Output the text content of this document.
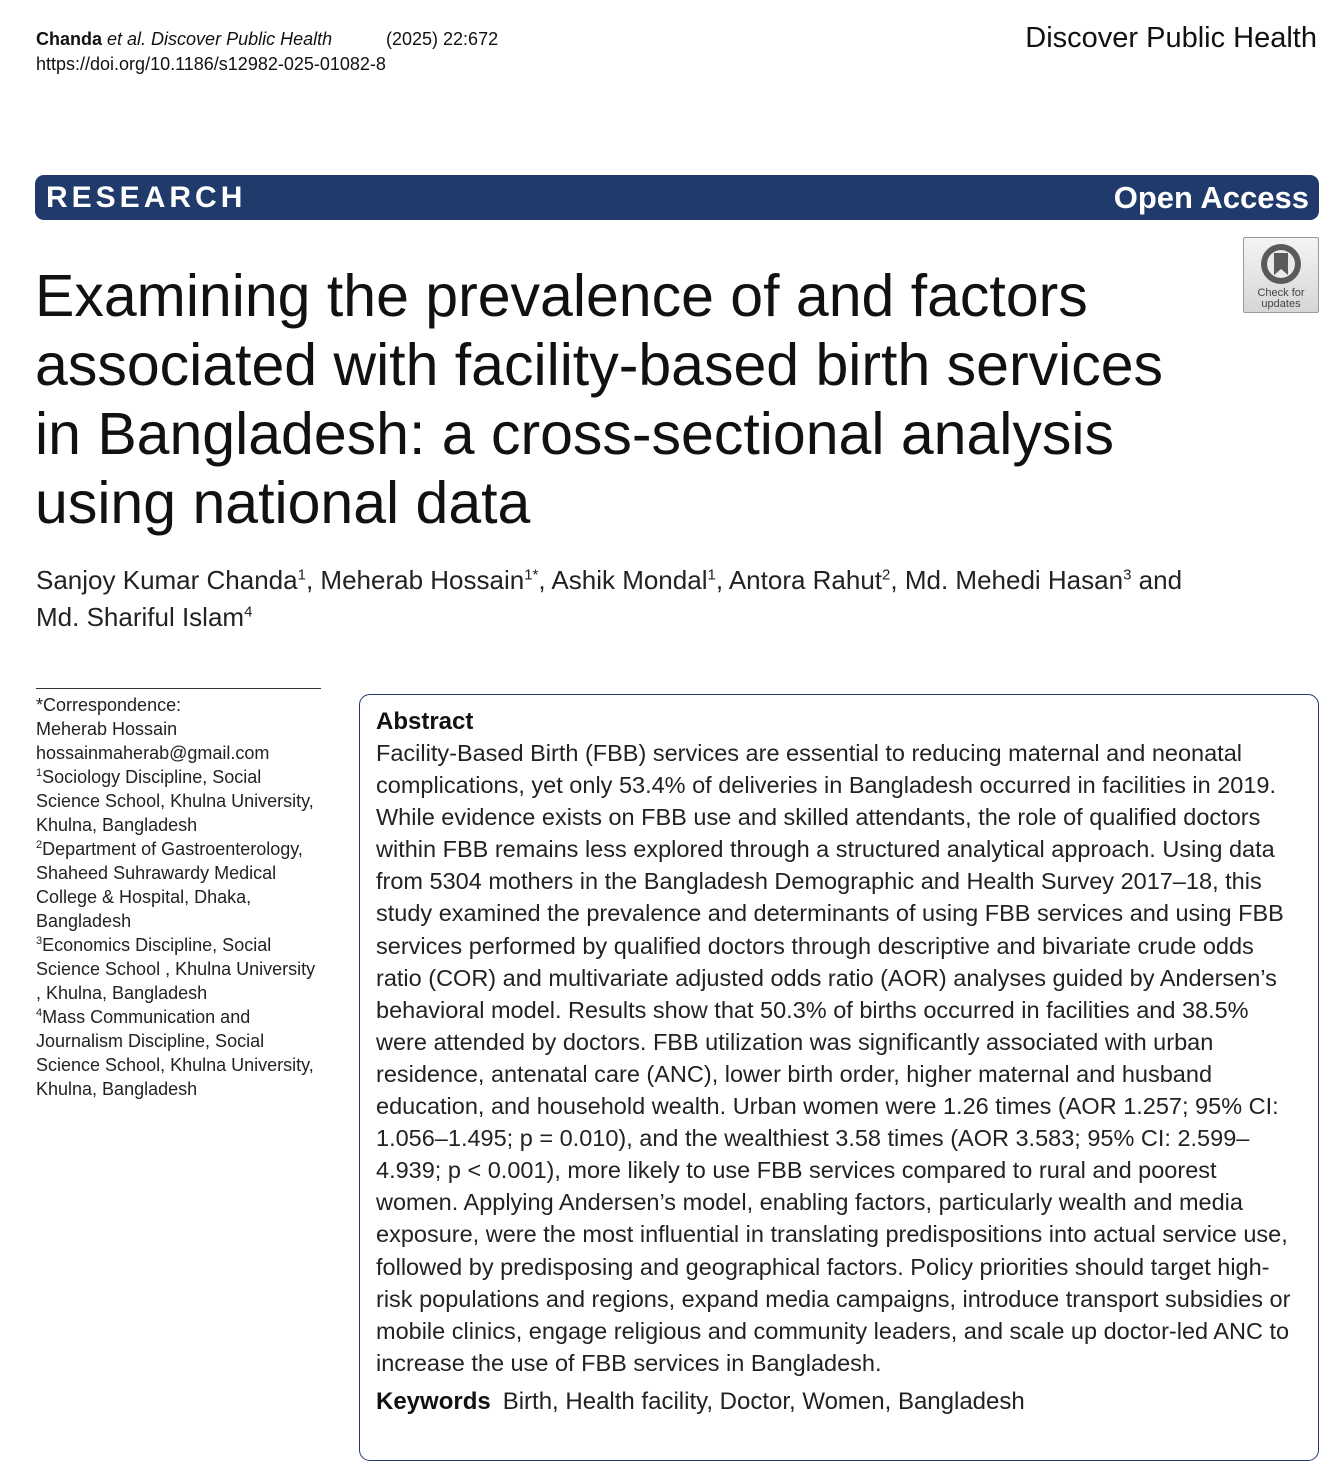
Chanda et al. Discover Public Health	(2025) 22:672
https://doi.org/10.1186/s12982-025-01082-8
Discover Public Health
RESEARCH	Open Access
Check for
updates
Examining the prevalence of and factors associated with facility-based birth services in Bangladesh: a cross-sectional analysis using national data
Sanjoy Kumar Chanda$^1$, Meherab Hossain$^{1*}$, Ashik Mondal$^1$, Antora Rahut$^2$, Md. Mehedi Hasan$^3$ and
Md. Shariful Islam$^4$

*Correspondence:

Meherab Hossain

hossainmaherab@gmail.com

$^1$Sociology Discipline, Social Science School, Khulna University, Khulna, Bangladesh

$^2$Department of Gastroenterology, Shaheed Suhrawardy Medical College & Hospital, Dhaka, Bangladesh

$^3$Economics Discipline, Social Science School , Khulna University , Khulna, Bangladesh

$^4$Mass Communication and Journalism Discipline, Social Science School, Khulna University, Khulna, Bangladesh

Abstract

Facility-Based Birth (FBB) services are essential to reducing maternal and neonatal complications, yet only 53.4% of deliveries in Bangladesh occurred in facilities in 2019. While evidence exists on FBB use and skilled attendants, the role of qualified doctors within FBB remains less explored through a structured analytical approach. Using data from 5304 mothers in the Bangladesh Demographic and Health Survey 2017–18, this study examined the prevalence and determinants of using FBB services and using FBB services performed by qualified doctors through descriptive and bivariate crude odds ratio (COR) and multivariate adjusted odds ratio (AOR) analyses guided by Andersen’s behavioral model. Results show that 50.3% of births occurred in facilities and 38.5% were attended by doctors. FBB utilization was significantly associated with urban residence, antenatal care (ANC), lower birth order, higher maternal and husband education, and household wealth. Urban women were 1.26 times (AOR 1.257; 95% CI: 1.056–1.495; p = 0.010), and the wealthiest 3.58 times (AOR 3.583; 95% CI: 2.599–4.939; p < 0.001), more likely to use FBB services compared to rural and poorest women. Applying Andersen’s model, enabling factors, particularly wealth and media exposure, were the most influential in translating predispositions into actual service use, followed by predisposing and geographical factors. Policy priorities should target high-risk populations and regions, expand media campaigns, introduce transport subsidies or mobile clinics, engage religious and community leaders, and scale up doctor-led ANC to increase the use of FBB services in Bangladesh.

Keywords Birth, Health facility, Doctor, Women, Bangladesh
